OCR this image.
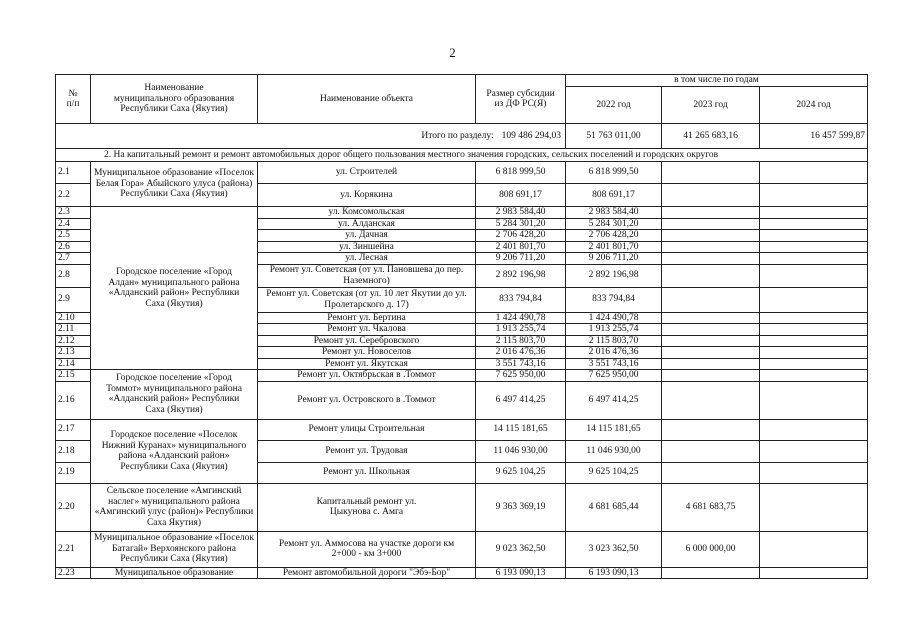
2
№
п/п	Наименование
муниципального образования
Республики Саха (Якутия)	Наименование объекта	Размер субсидии
из ДФ РС(Я)	в том числе по годам		
				2022 год	2023 год	2024 год
Итого по разделу: 109 486 294,03				51 763 011,00	41 265 683,16	16 457 599,87
2. На капитальный ремонт и ремонт автомобильных дорог общего пользования местного значения городских, сельских поселений и городских округов						
2.1	Муниципальное образование «Поселок Белая Гора» Абыйского улуса (района) Республики Саха (Якутия)	ул. Строителей	6 818 999,50	6 818 999,50		
2.2		ул. Корякина	808 691,17	808 691,17		
2.3	Городское поселение «Город Алдан» муниципального района «Алданский район» Республики Саха (Якутия)	ул. Комсомольская	2 983 584,40	2 983 584,40		
2.4		ул. Алданская	5 284 301,20	5 284 301,20		
2.5		ул. Дачная	2 706 428,20	2 706 428,20		
2.6		ул. Зиншейна	2 401 801,70	2 401 801,70		
2.7		ул. Лесная	9 206 711,20	9 206 711,20		
2.8		Ремонт ул. Советская (от ул. Пановшева до пер. Наземного)	2 892 196,98	2 892 196,98		
2.9		Ремонт ул. Советская (от ул. 10 лет Якутии до ул. Пролетарского д. 17)	833 794,84	833 794,84		
2.10		Ремонт ул. Бертина	1 424 490,78	1 424 490,78		
2.11		Ремонт ул. Чкалова	1 913 255,74	1 913 255,74		
2.12		Ремонт ул. Серебровского	2 115 803,70	2 115 803,70		
2.13		Ремонт ул. Новоселов	2 016 476,36	2 016 476,36		
2.14		Ремонт ул. Якутская	3 551 743,16	3 551 743,16		
2.15	Городское поселение «Город Томмот» муниципального района «Алданский район» Республики Саха (Якутия)	Ремонт ул. Октябрьская в .Томмот	7 625 950,00	7 625 950,00		
2.16		Ремонт ул. Островского в .Томмот	6 497 414,25	6 497 414,25		
2.17	Городское поселение «Поселок Нижний Куранах» муниципального района «Алданский район» Республики Саха (Якутия)	Ремонт улицы Строительная	14 115 181,65	14 115 181,65		
2.18		Ремонт ул. Трудовая	11 046 930,00	11 046 930,00		
2.19		Ремонт ул. Школьная	9 625 104,25	9 625 104,25		
2.20	Сельское поселение «Амгинский наслег» муниципального района «Амгинский улус (район)» Республики Саха Якутия)	Капитальный ремонт ул. Цыкунова с. Амга	9 363 369,19	4 681 685,44	4 681 683,75	
2.21	Муниципальное образование «Поселок Батагай» Верхоянского района Республики Саха (Якутия)	Ремонт ул. Аммосова на участке дороги км 2+000 - км 3+000	9 023 362,50	3 023 362,50	6 000 000,00	
2.23	Муниципальное образование	Ремонт автомобильной дороги "Эбэ-Бор"	6 193 090,13	6 193 090,13		
